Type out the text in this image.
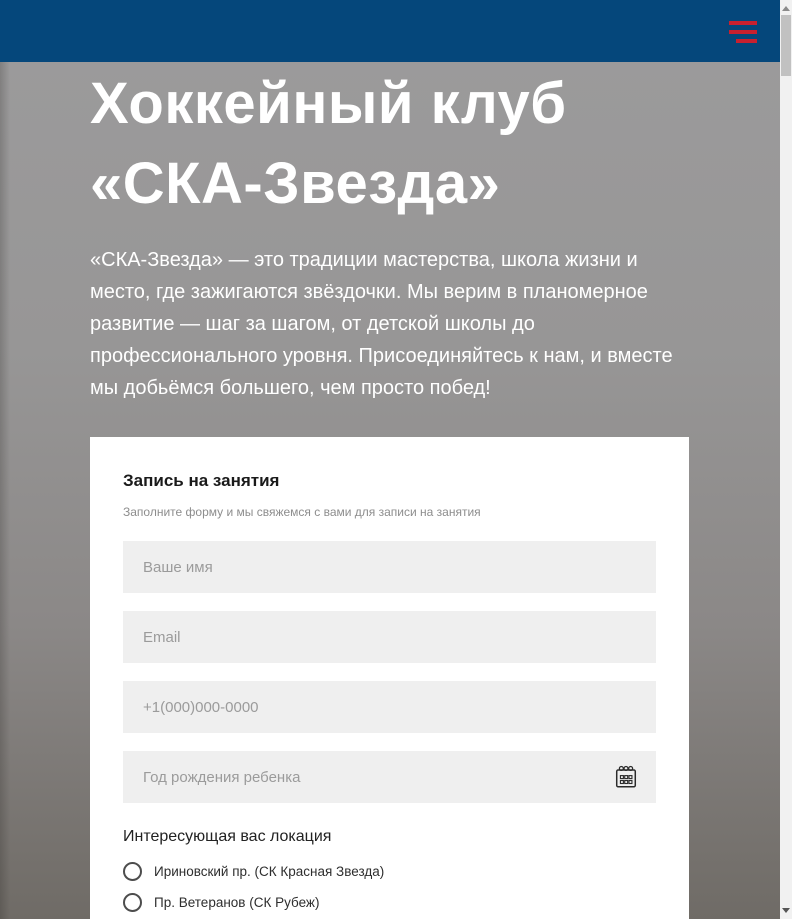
Хоккейный клуб «СКА-Звезда»

«СКА-Звезда» — это традиции мастерства, школа жизни и место, где зажигаются звёздочки. Мы верим в планомерное развитие — шаг за шагом, от детской школы до профессионального уровня. Присоединяйтесь к нам, и вместе мы добьёмся большего, чем просто побед!

Запись на занятия

Заполните форму и мы свяжемся с вами для записи на занятия

Ваше имя
Email
+1(000)000-0000
Год рождения ребенка

Интересующая вас локация

Ириновский пр. (СК Красная Звезда)
Пр. Ветеранов (СК Рубеж)
